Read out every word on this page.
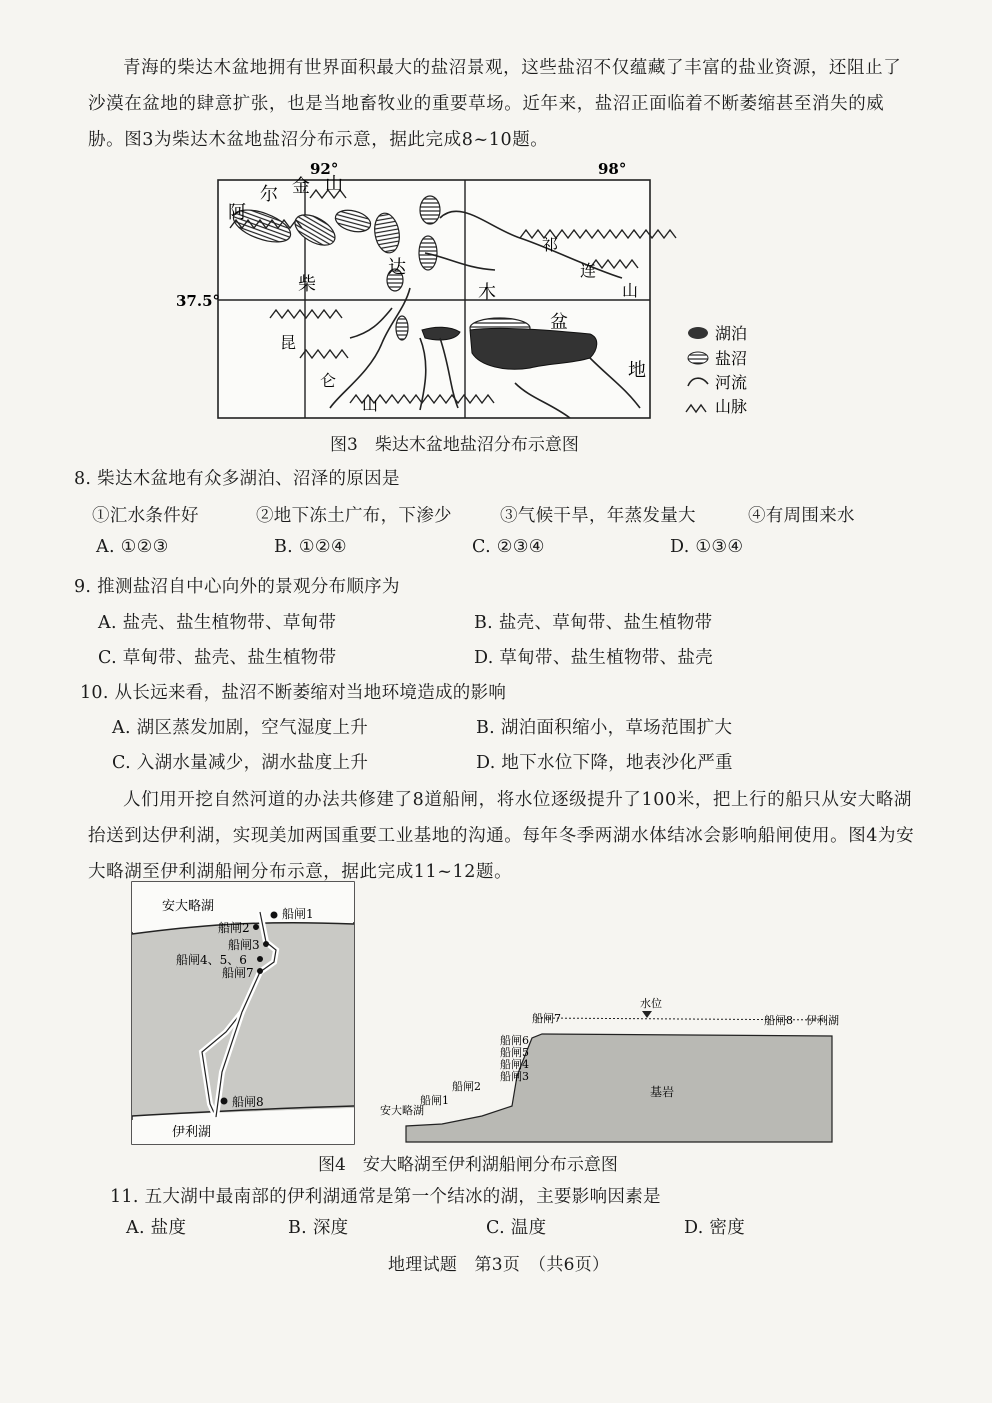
青海的柴达木盆地拥有世界面积最大的盐沼景观，这些盐沼不仅蕴藏了丰富的盐业资源，还阻止了沙漠在盆地的肆意扩张，也是当地畜牧业的重要草场。近年来，盐沼正面临着不断萎缩甚至消失的威胁。图3为柴达木盆地盐沼分布示意，据此完成8~10题。
92°	98°
37.5°
阿
尔 金 山
柴
达
木
盆
地
祁
连
山
昆
仑
山
湖泊
盐沼
河流
山脉
图3　柴达木盆地盐沼分布示意图
8. 柴达木盆地有众多湖泊、沼泽的原因是
①汇水条件好	②地下冻土广布，下渗少	③气候干旱，年蒸发量大	④有周围来水
A. ①②③	B. ①②④	C. ②③④	D. ①③④
9. 推测盐沼自中心向外的景观分布顺序为
A. 盐壳、盐生植物带、草甸带	B. 盐壳、草甸带、盐生植物带
C. 草甸带、盐壳、盐生植物带	D. 草甸带、盐生植物带、盐壳
10. 从长远来看，盐沼不断萎缩对当地环境造成的影响
A. 湖区蒸发加剧，空气湿度上升	B. 湖泊面积缩小，草场范围扩大
C. 入湖水量减少，湖水盐度上升	D. 地下水位下降，地表沙化严重
人们用开挖自然河道的办法共修建了8道船闸，将水位逐级提升了100米，把上行的船只从安大略湖抬送到达伊利湖，实现美加两国重要工业基地的沟通。每年冬季两湖水体结冰会影响船闸使用。图4为安大略湖至伊利湖船闸分布示意，据此完成11~12题。
安大略湖	船闸1
船闸2
船闸3
船闸4、5、6
船闸7
船闸8
伊利湖
水位
基岩
安大略湖
伊利湖
船闸1
船闸2
船闸3
船闸4
船闸5
船闸6
船闸7	船闸8
图4　安大略湖至伊利湖船闸分布示意图
11. 五大湖中最南部的伊利湖通常是第一个结冰的湖，主要影响因素是
A. 盐度	B. 深度	C. 温度	D. 密度
地理试题　第3页　（共6页）
